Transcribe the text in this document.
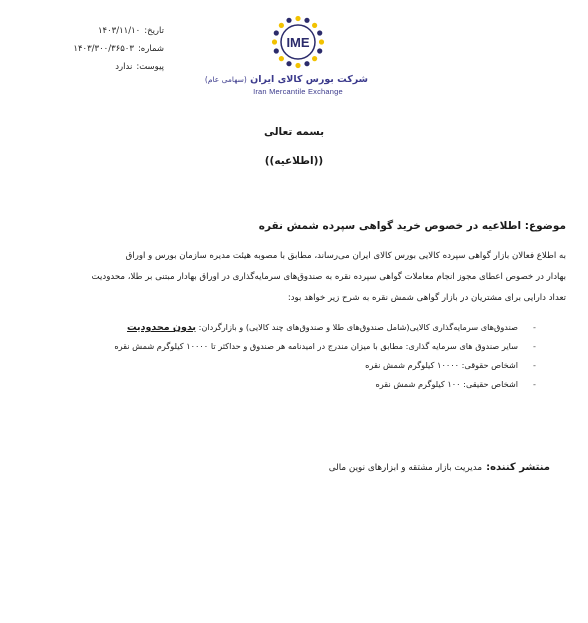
تاریخ:۱۴۰۳/۱۱/۱۰
شماره:۱۴۰۳/۳۰۰/۳۶۵۰۳
پیوست:ندارد
IME
شرکت بورس کالای ایران (سهامی عام)
Iran Mercantile Exchange
بسمه تعالی
((اطلاعیه))
موضوع: اطلاعیه در خصوص خرید گواهی سپرده شمش نقره
به اطلاع فعالان بازار گواهی سپرده کالایی بورس کالای ایران می‌رساند، مطابق با مصوبه هیئت مدیره سازمان بورس و اوراق
بهادار در خصوص اعطای مجوز انجام معاملات گواهی سپرده نقره به صندوق‌های سرمایه‌گذاری در اوراق بهادار مبتنی بر طلا، محدودیت
تعداد دارایی برای مشتریان در بازار گواهی شمش نقره به شرح زیر خواهد بود:
-
صندوق‌های سرمایه‌گذاری کالایی(شامل صندوق‌های طلا و صندوق‌های چند کالایی) و بازارگردان: بدون محدودیت
-
سایر صندوق های سرمایه گذاری: مطابق با میزان مندرج در امیدنامه هر صندوق و حداکثر تا ۱۰۰۰۰ کیلوگرم شمش نقره
-
اشخاص حقوقی: ۱۰۰۰۰ کیلوگرم شمش نقره
-
اشخاص حقیقی: ۱۰۰ کیلوگرم شمش نقره
منتشر کننده:مدیریت بازار مشتقه و ابزارهای نوین مالی
